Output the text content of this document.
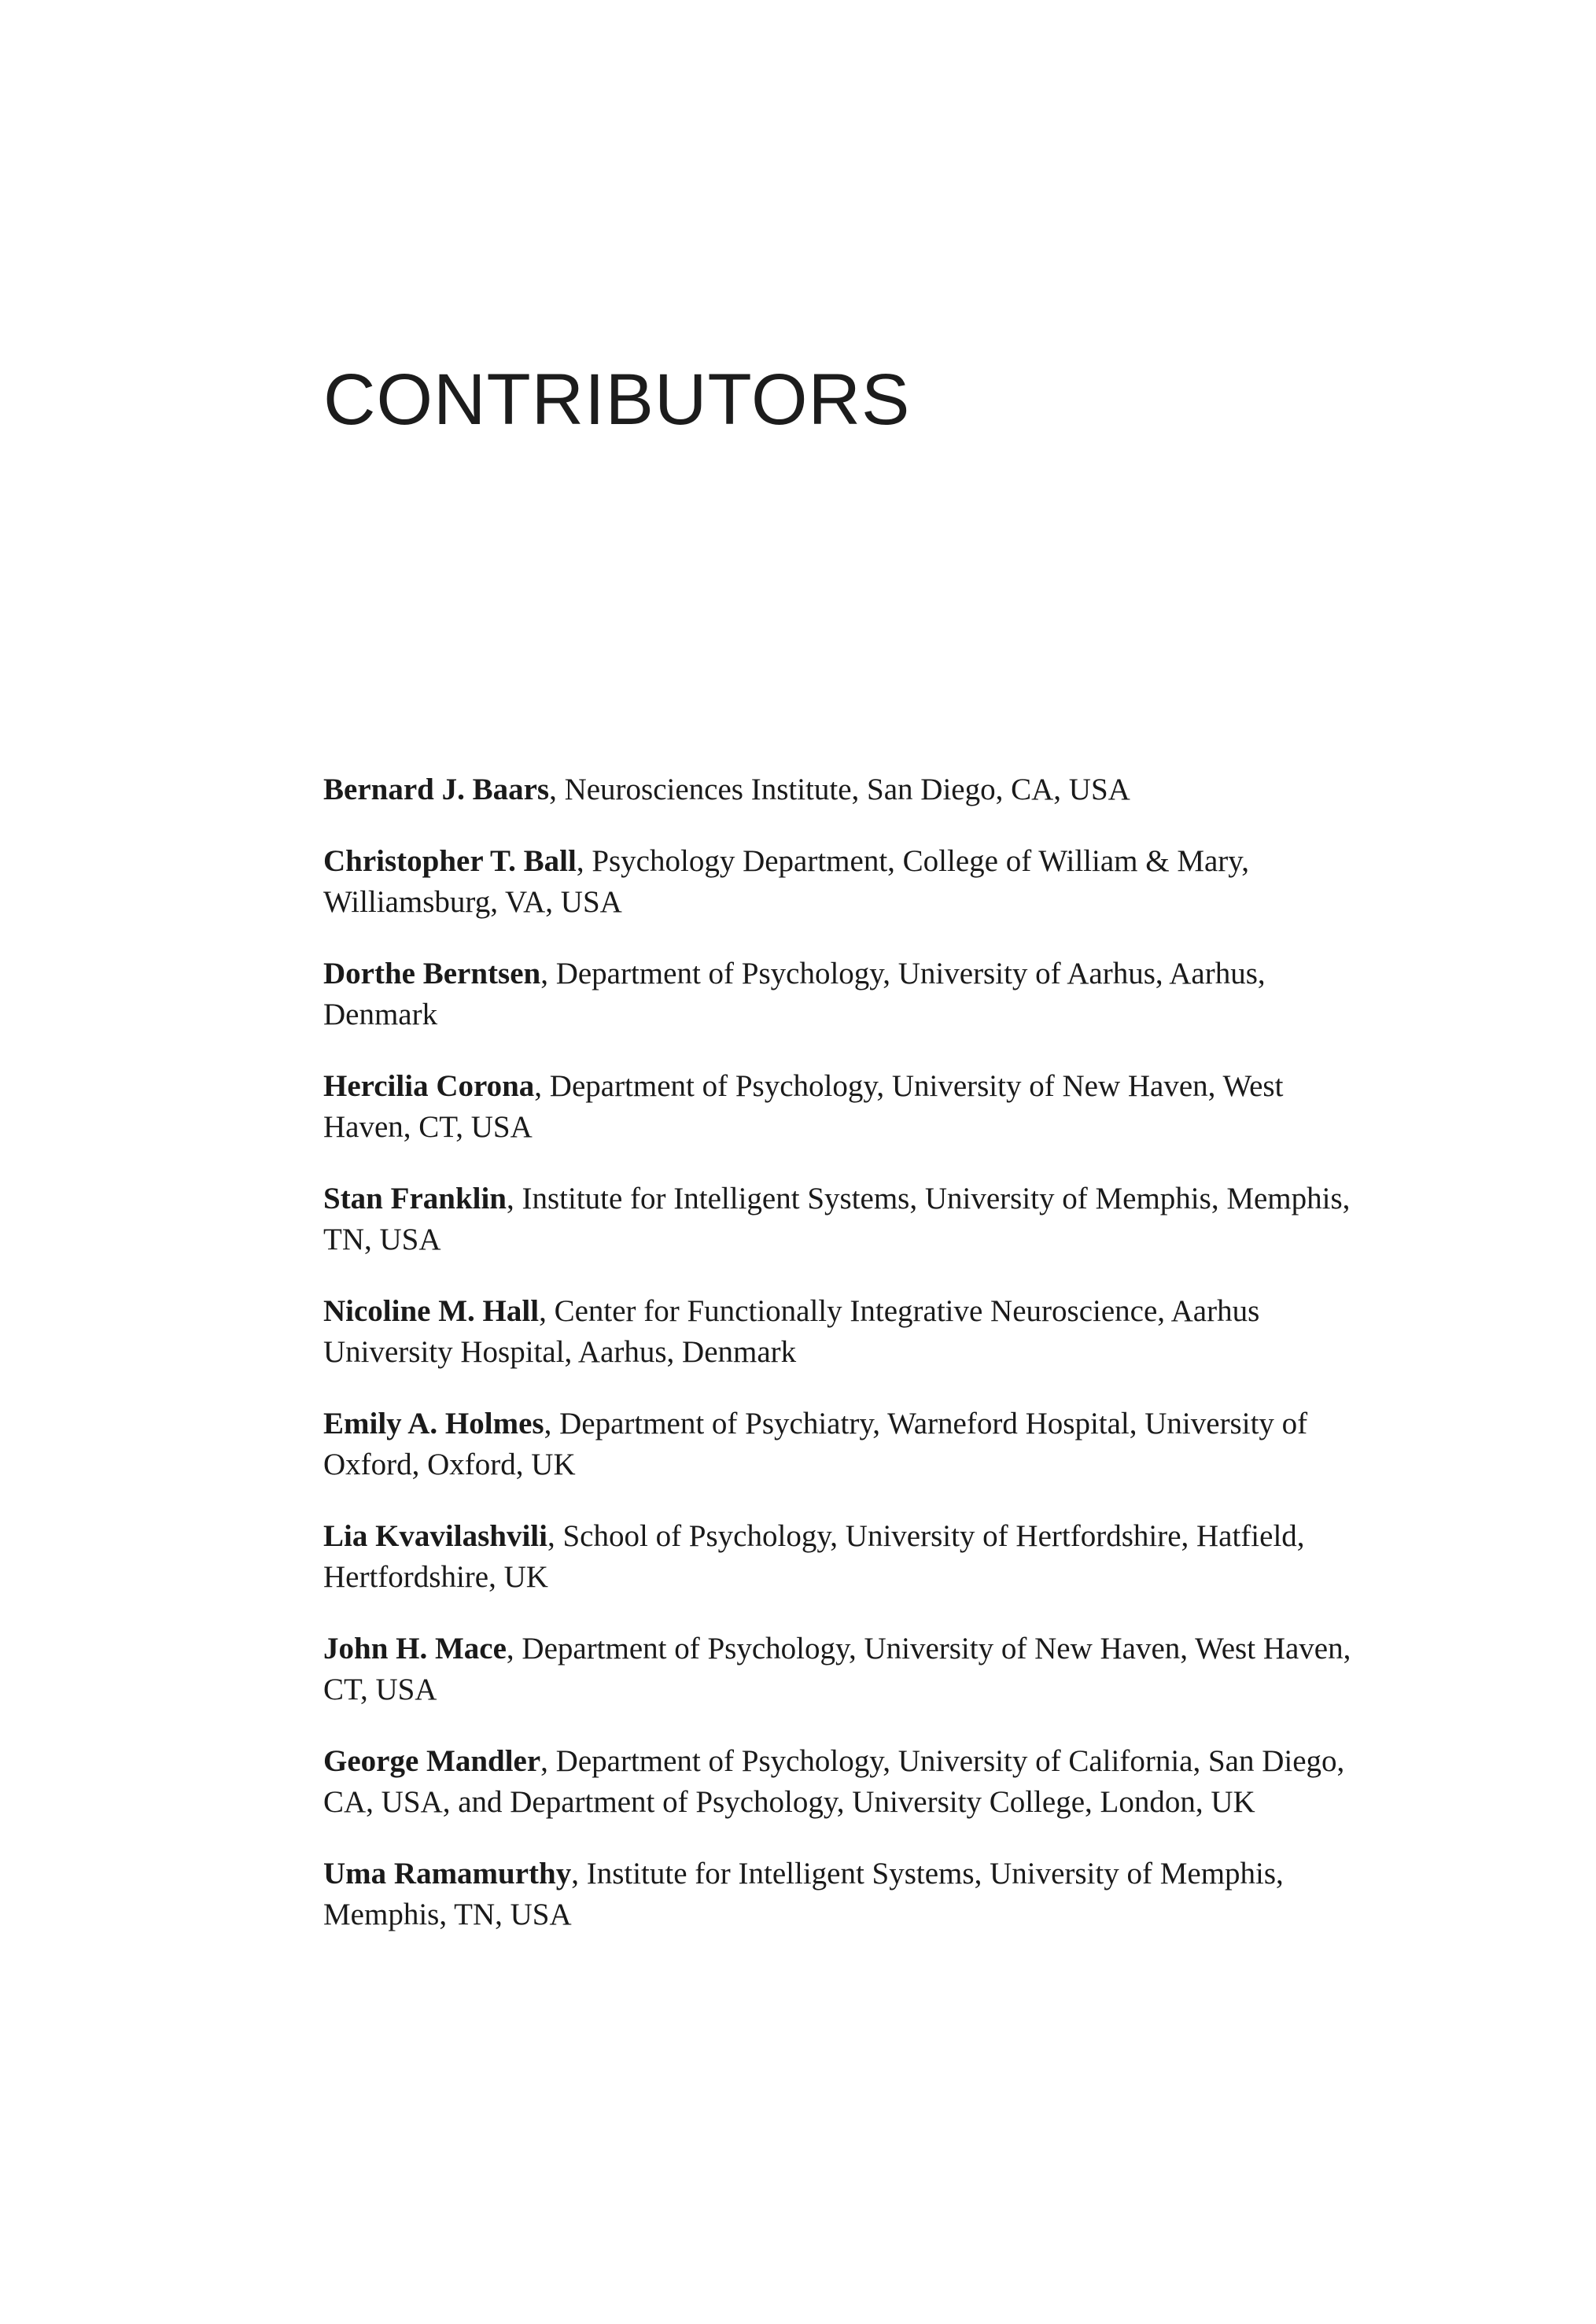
CONTRIBUTORS
Bernard J. Baars, Neurosciences Institute, San Diego, CA, USA
Christopher T. Ball, Psychology Department, College of William & Mary, Williamsburg, VA, USA
Dorthe Berntsen, Department of Psychology, University of Aarhus, Aarhus, Denmark
Hercilia Corona, Department of Psychology, University of New Haven, West Haven, CT, USA
Stan Franklin, Institute for Intelligent Systems, University of Memphis, Memphis, TN, USA
Nicoline M. Hall, Center for Functionally Integrative Neuroscience, Aarhus University Hospital, Aarhus, Denmark
Emily A. Holmes, Department of Psychiatry, Warneford Hospital, University of Oxford, Oxford, UK
Lia Kvavilashvili, School of Psychology, University of Hertfordshire, Hatfield, Hertfordshire, UK
John H. Mace, Department of Psychology, University of New Haven, West Haven, CT, USA
George Mandler, Department of Psychology, University of California, San Diego, CA, USA, and Department of Psychology, University College, London, UK
Uma Ramamurthy, Institute for Intelligent Systems, University of Memphis, Memphis, TN, USA
